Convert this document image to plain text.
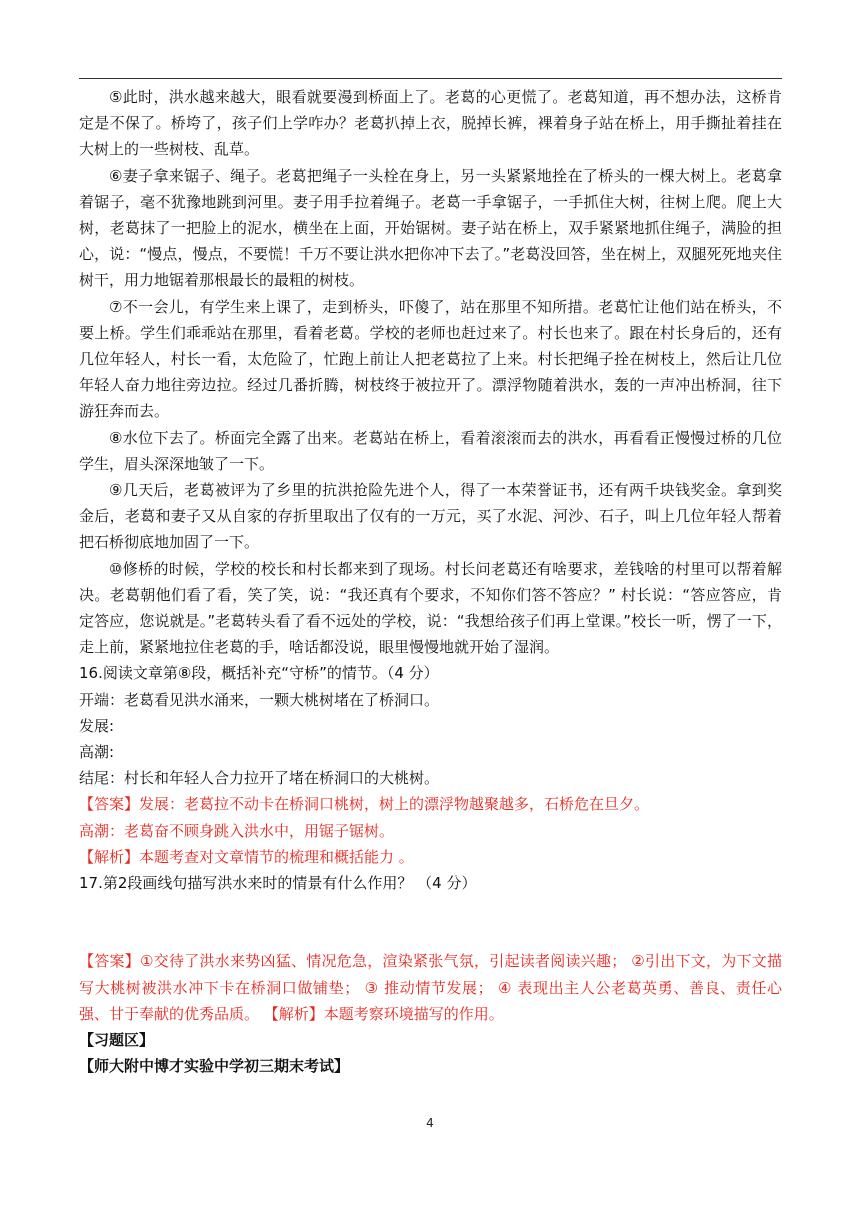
⑤此时，洪水越来越大，眼看就要漫到桥面上了。老葛的心更慌了。老葛知道，再不想办法，这桥肯定是不保了。桥垮了，孩子们上学咋办？老葛扒掉上衣，脱掉长裤，裸着身子站在桥上，用手撕扯着挂在大树上的一些树枝、乱草。

⑥妻子拿来锯子、绳子。老葛把绳子一头栓在身上，另一头紧紧地拴在了桥头的一棵大树上。老葛拿着锯子，毫不犹豫地跳到河里。妻子用手拉着绳子。老葛一手拿锯子，一手抓住大树，往树上爬。爬上大树，老葛抹了一把脸上的泥水，横坐在上面，开始锯树。妻子站在桥上，双手紧紧地抓住绳子，满脸的担心，说：“慢点，慢点，不要慌！千万不要让洪水把你冲下去了。”老葛没回答，坐在树上，双腿死死地夹住树干，用力地锯着那根最长的最粗的树枝。

⑦不一会儿，有学生来上课了，走到桥头，吓傻了，站在那里不知所措。老葛忙让他们站在桥头，不要上桥。学生们乖乖站在那里，看着老葛。学校的老师也赶过来了。村长也来了。跟在村长身后的，还有几位年轻人，村长一看，太危险了，忙跑上前让人把老葛拉了上来。村长把绳子拴在树枝上，然后让几位年轻人奋力地往旁边拉。经过几番折腾，树枝终于被拉开了。漂浮物随着洪水，轰的一声冲出桥洞，往下游狂奔而去。

⑧水位下去了。桥面完全露了出来。老葛站在桥上，看着滚滚而去的洪水，再看看正慢慢过桥的几位学生，眉头深深地皱了一下。

⑨几天后，老葛被评为了乡里的抗洪抢险先进个人，得了一本荣誉证书，还有两千块钱奖金。拿到奖金后，老葛和妻子又从自家的存折里取出了仅有的一万元，买了水泥、河沙、石子，叫上几位年轻人帮着把石桥彻底地加固了一下。

⑩修桥的时候，学校的校长和村长都来到了现场。村长问老葛还有啥要求，差钱啥的村里可以帮着解决。老葛朝他们看了看，笑了笑，说：“我还真有个要求，不知你们答不答应？” 村长说：“答应答应，肯定答应，您说就是。”老葛转头看了看不远处的学校，说：“我想给孩子们再上堂课。”校长一听，愣了一下，走上前，紧紧地拉住老葛的手，啥话都没说，眼里慢慢地就开始了湿润。

16.阅读文章第⑧段，概括补充“守桥”的情节。（4 分）

开端：老葛看见洪水涌来，一颗大桃树堵在了桥洞口。

发展:

高潮:

结尾：村长和年轻人合力拉开了堵在桥洞口的大桃树。

【答案】发展：老葛拉不动卡在桥洞口桃树，树上的漂浮物越聚越多，石桥危在旦夕。

高潮：老葛奋不顾身跳入洪水中，用锯子锯树。

【解析】本题考查对文章情节的梳理和概括能力 。

17.第2段画线句描写洪水来时的情景有什么作用？ （4 分）

【答案】①交待了洪水来势凶猛、情况危急，渲染紧张气氛，引起读者阅读兴趣； ②引出下文，为下文描写大桃树被洪水冲下卡在桥洞口做铺垫； ③ 推动情节发展； ④ 表现出主人公老葛英勇、善良、责任心强、甘于奉献的优秀品质。 【解析】本题考察环境描写的作用。

【习题区】

【师大附中博才实验中学初三期末考试】

4
